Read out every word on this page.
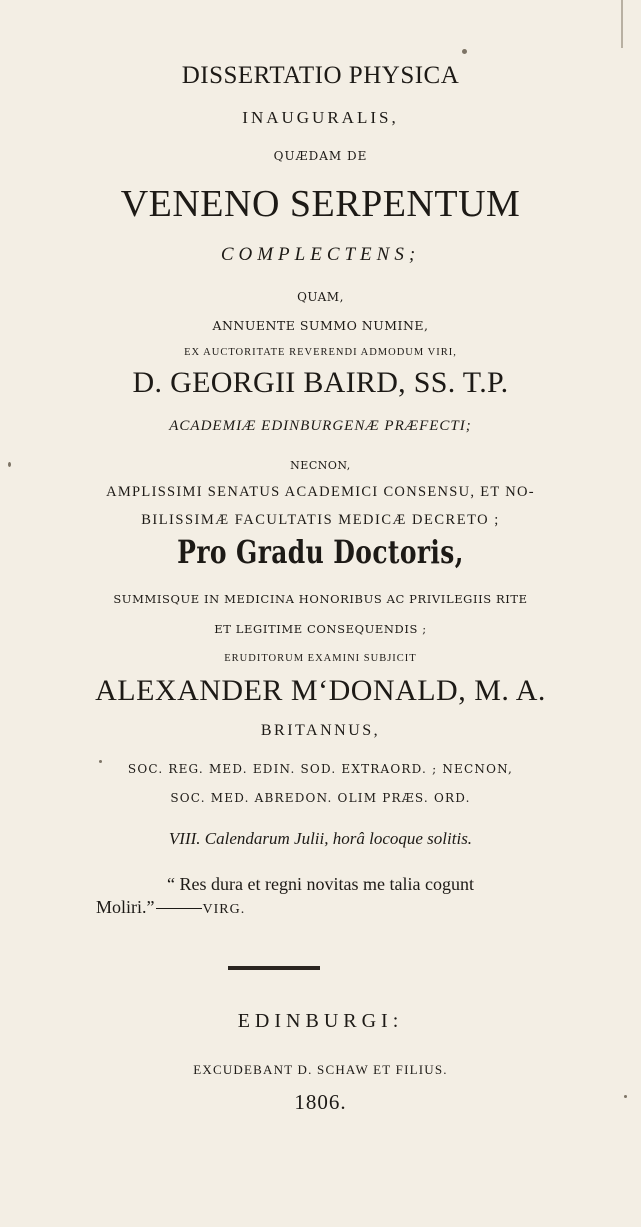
DISSERTATIO PHYSICA
INAUGURALIS,
QUÆDAM DE
VENENO SERPENTUM
COMPLECTENS;
QUAM,
ANNUENTE SUMMO NUMINE,
EX AUCTORITATE REVERENDI ADMODUM VIRI,
D. GEORGII BAIRD, SS. T.P.
ACADEMIÆ EDINBURGENÆ PRÆFECTI;
NECNON,
AMPLISSIMI SENATUS ACADEMICI CONSENSU, ET NO-
BILISSIMÆ FACULTATIS MEDICÆ DECRETO ;
Pro Gradu Doctoris,
SUMMISQUE IN MEDICINA HONORIBUS AC PRIVILEGIIS RITE
ET LEGITIME CONSEQUENDIS ;
ERUDITORUM EXAMINI SUBJICIT
ALEXANDER M‘DONALD, M. A.
BRITANNUS,
SOC. REG. MED. EDIN. SOD. EXTRAORD. ; NECNON,
SOC. MED. ABREDON. OLIM PRÆS. ORD.
VIII. Calendarum Julii, horâ locoque solitis.
“ Res dura et regni novitas me talia cogunt
Moliri.”	VIRG.
EDINBURGI:
EXCUDEBANT D. SCHAW ET FILIUS.
1806.
